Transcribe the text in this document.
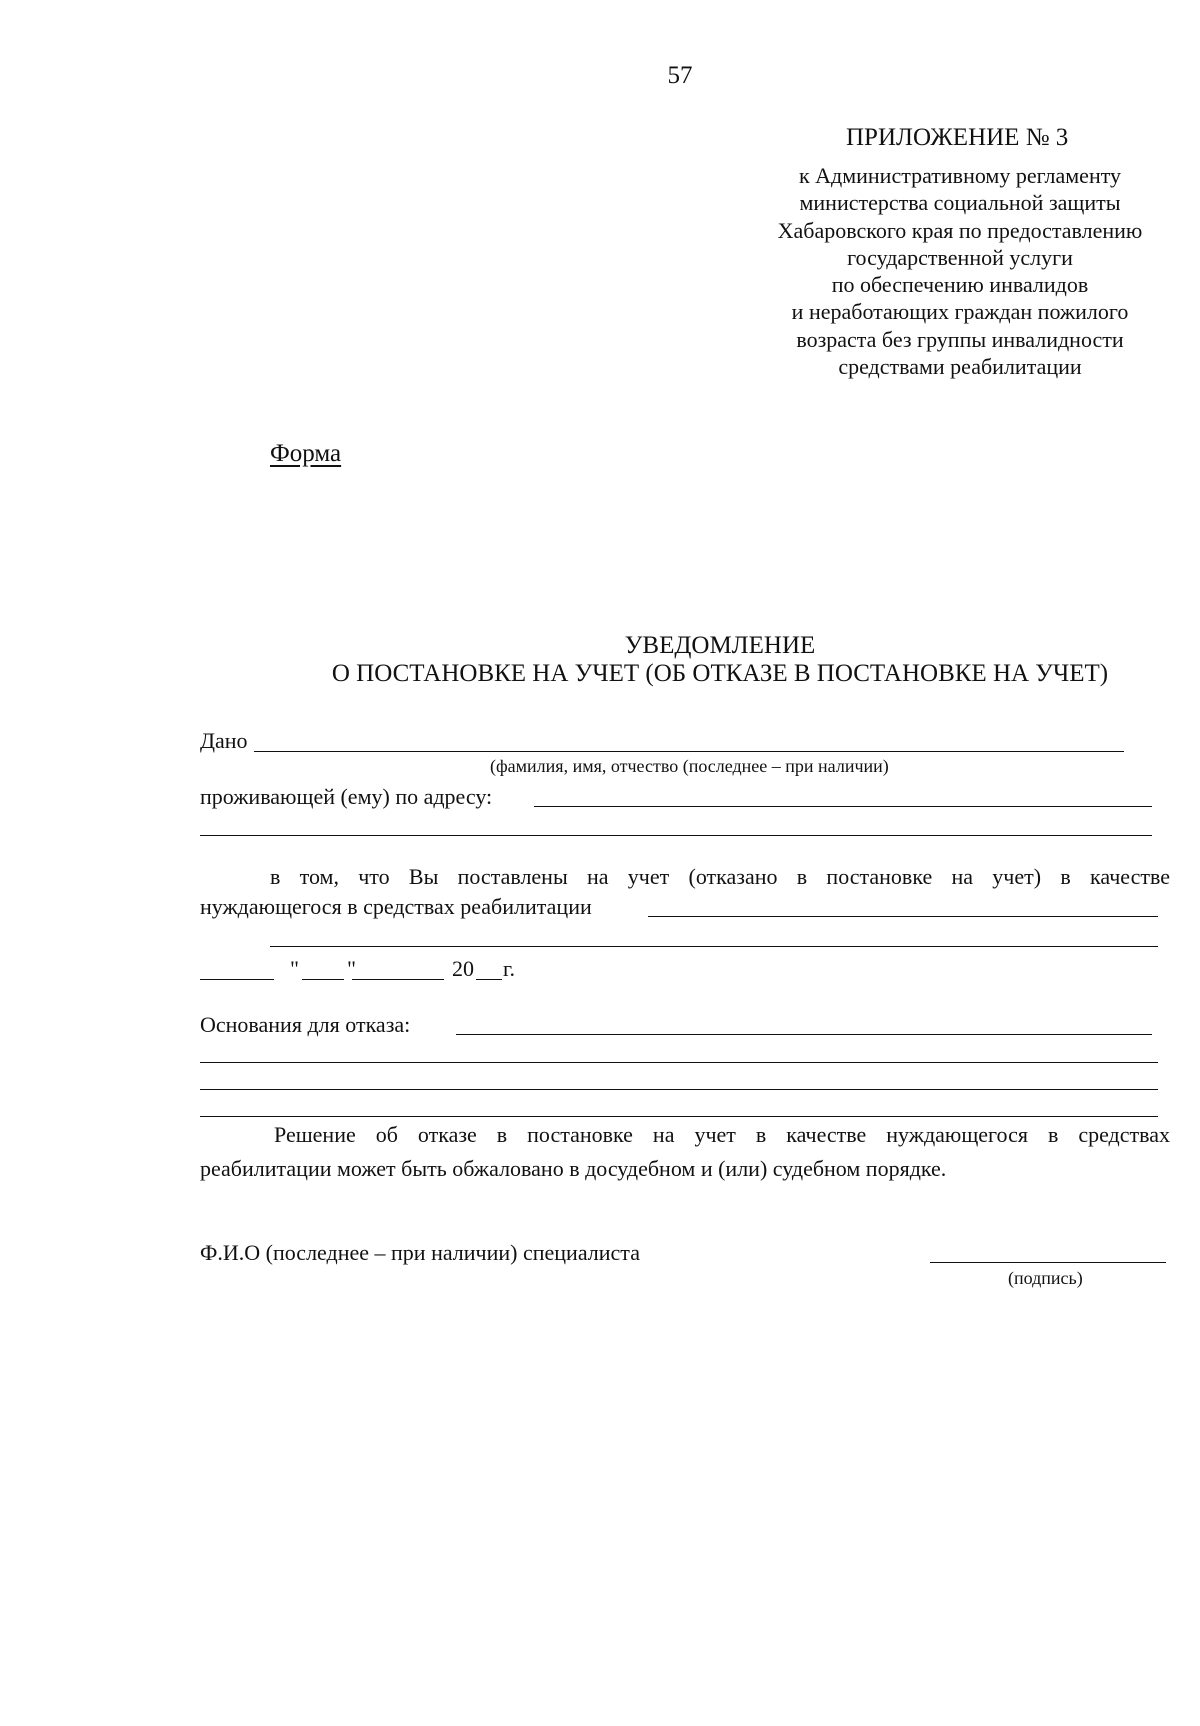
57
ПРИЛОЖЕНИЕ № 3
к Административному регламенту
министерства социальной защиты
Хабаровского края по предоставлению
государственной услуги
по обеспечению инвалидов
и неработающих граждан пожилого
возраста без группы инвалидности
средствами реабилитации
Форма
УВЕДОМЛЕНИЕ
О ПОСТАНОВКЕ НА УЧЕТ (ОБ ОТКАЗЕ В ПОСТАНОВКЕ НА УЧЕТ)
Дано
(фамилия, имя, отчество (последнее – при наличии)
проживающей (ему) по адресу:
в том, что Вы поставлены на учет (отказано в постановке на учет) в качестве
нуждающегося в средствах реабилитации
" "	20 г.
Основания для отказа:
Решение об отказе в постановке на учет в качестве нуждающегося в средствах
реабилитации может быть обжаловано в досудебном и (или) судебном порядке.
Ф.И.О (последнее – при наличии) специалиста
(подпись)
